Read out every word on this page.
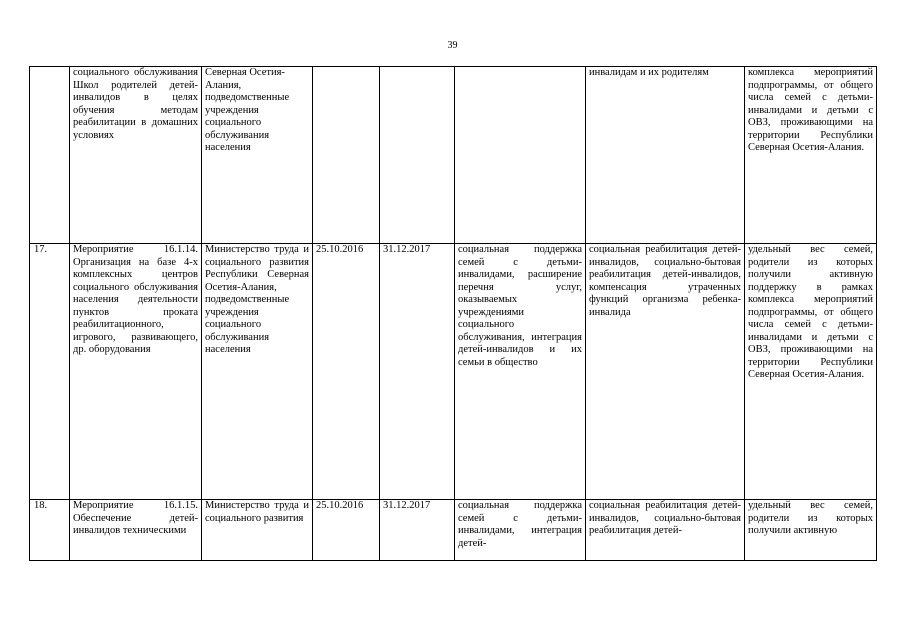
39
	социального обслуживания Школ родителей детей-инвалидов в целях обучения методам реабилитации в домашних условиях	Северная Осетия-Алания, подведомственные учреждения социального обслуживания населения				инвалидам и их родителям	комплекса мероприятий подпрограммы, от общего числа семей с детьми-инвалидами и детьми с ОВЗ, проживающими на территории Республики Северная Осетия-Алания.
17.	Мероприятие 16.1.14. Организация на базе 4-х комплексных центров социального обслуживания населения деятельности пунктов проката реабилитационного, игрового, развивающего, др. оборудования	Министерство труда и социального развития Республики Северная Осетия-Алания, подведомственные учреждения социального обслуживания населения	25.10.2016	31.12.2017	социальная поддержка семей с детьми-инвалидами, расширение перечня услуг, оказываемых учреждениями социального обслуживания, интеграция детей-инвалидов и их семьи в общество	социальная реабилитация детей-инвалидов, социально-бытовая реабилитация детей-инвалидов, компенсация утраченных функций организма ребенка-инвалида	удельный вес семей, родители из которых получили активную поддержку в рамках комплекса мероприятий подпрограммы, от общего числа семей с детьми-инвалидами и детьми с ОВЗ, проживающими на территории Республики Северная Осетия-Алания.
18.	Мероприятие 16.1.15. Обеспечение детей-инвалидов техническими	Министерство труда и социального развития	25.10.2016	31.12.2017	социальная поддержка семей с детьми-инвалидами, интеграция детей-	социальная реабилитация детей-инвалидов, социально-бытовая реабилитация детей-	удельный вес семей, родители из которых получили активную
